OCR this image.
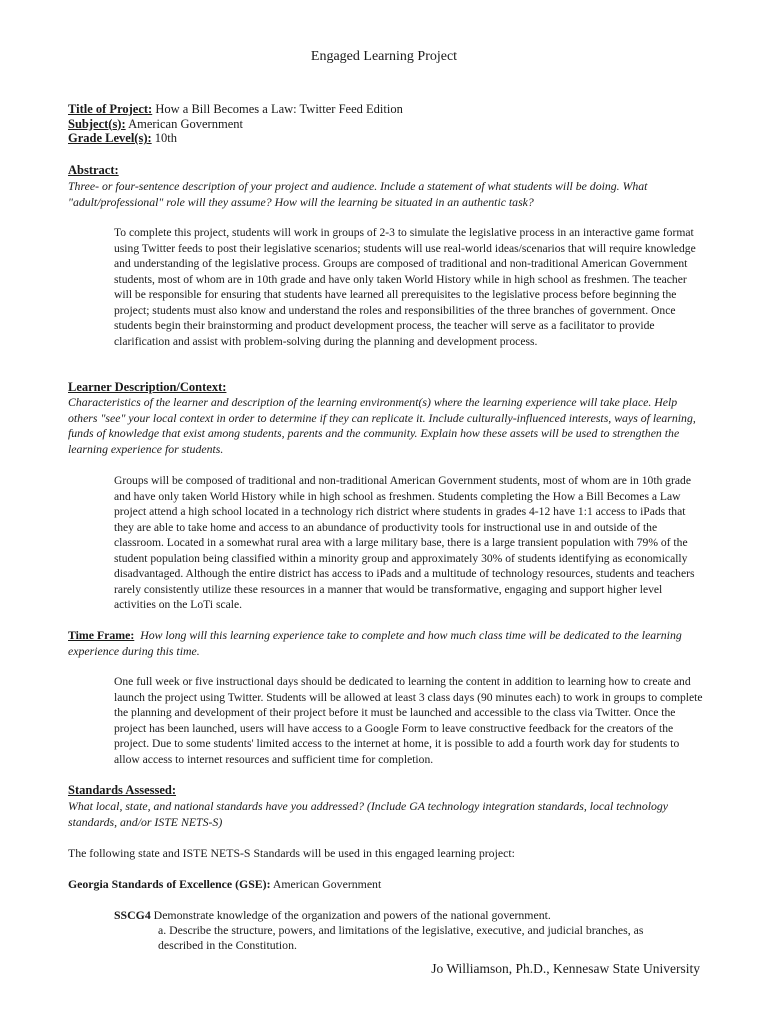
Engaged Learning Project
Title of Project: How a Bill Becomes a Law: Twitter Feed Edition
Subject(s): American Government
Grade Level(s): 10th
Abstract:
Three- or four-sentence description of your project and audience. Include a statement of what students will be doing. What "adult/professional" role will they assume? How will the learning be situated in an authentic task?
To complete this project, students will work in groups of 2-3 to simulate the legislative process in an interactive game format using Twitter feeds to post their legislative scenarios; students will use real-world ideas/scenarios that will require knowledge and understanding of the legislative process. Groups are composed of traditional and non-traditional American Government students, most of whom are in 10th grade and have only taken World History while in high school as freshmen. The teacher will be responsible for ensuring that students have learned all prerequisites to the legislative process before beginning the project; students must also know and understand the roles and responsibilities of the three branches of government. Once students begin their brainstorming and product development process, the teacher will serve as a facilitator to provide clarification and assist with problem-solving during the planning and development process.
Learner Description/Context:
Characteristics of the learner and description of the learning environment(s) where the learning experience will take place. Help others "see" your local context in order to determine if they can replicate it. Include culturally-influenced interests, ways of learning, funds of knowledge that exist among students, parents and the community. Explain how these assets will be used to strengthen the learning experience for students.
Groups will be composed of traditional and non-traditional American Government students, most of whom are in 10th grade and have only taken World History while in high school as freshmen. Students completing the How a Bill Becomes a Law project attend a high school located in a technology rich district where students in grades 4-12 have 1:1 access to iPads that they are able to take home and access to an abundance of productivity tools for instructional use in and outside of the classroom. Located in a somewhat rural area with a large military base, there is a large transient population with 79% of the student population being classified within a minority group and approximately 30% of students identifying as economically disadvantaged. Although the entire district has access to iPads and a multitude of technology resources, students and teachers rarely consistently utilize these resources in a manner that would be transformative, engaging and support higher level activities on the LoTi scale.
Time Frame: How long will this learning experience take to complete and how much class time will be dedicated to the learning experience during this time.
One full week or five instructional days should be dedicated to learning the content in addition to learning how to create and launch the project using Twitter. Students will be allowed at least 3 class days (90 minutes each) to work in groups to complete the planning and development of their project before it must be launched and accessible to the class via Twitter. Once the project has been launched, users will have access to a Google Form to leave constructive feedback for the creators of the project. Due to some students' limited access to the internet at home, it is possible to add a fourth work day for students to allow access to internet resources and sufficient time for completion.
Standards Assessed:
What local, state, and national standards have you addressed? (Include GA technology integration standards, local technology standards, and/or ISTE NETS-S)
The following state and ISTE NETS-S Standards will be used in this engaged learning project:
Georgia Standards of Excellence (GSE): American Government
SSCG4 Demonstrate knowledge of the organization and powers of the national government.
a. Describe the structure, powers, and limitations of the legislative, executive, and judicial branches, as described in the Constitution.
Jo Williamson, Ph.D., Kennesaw State University
